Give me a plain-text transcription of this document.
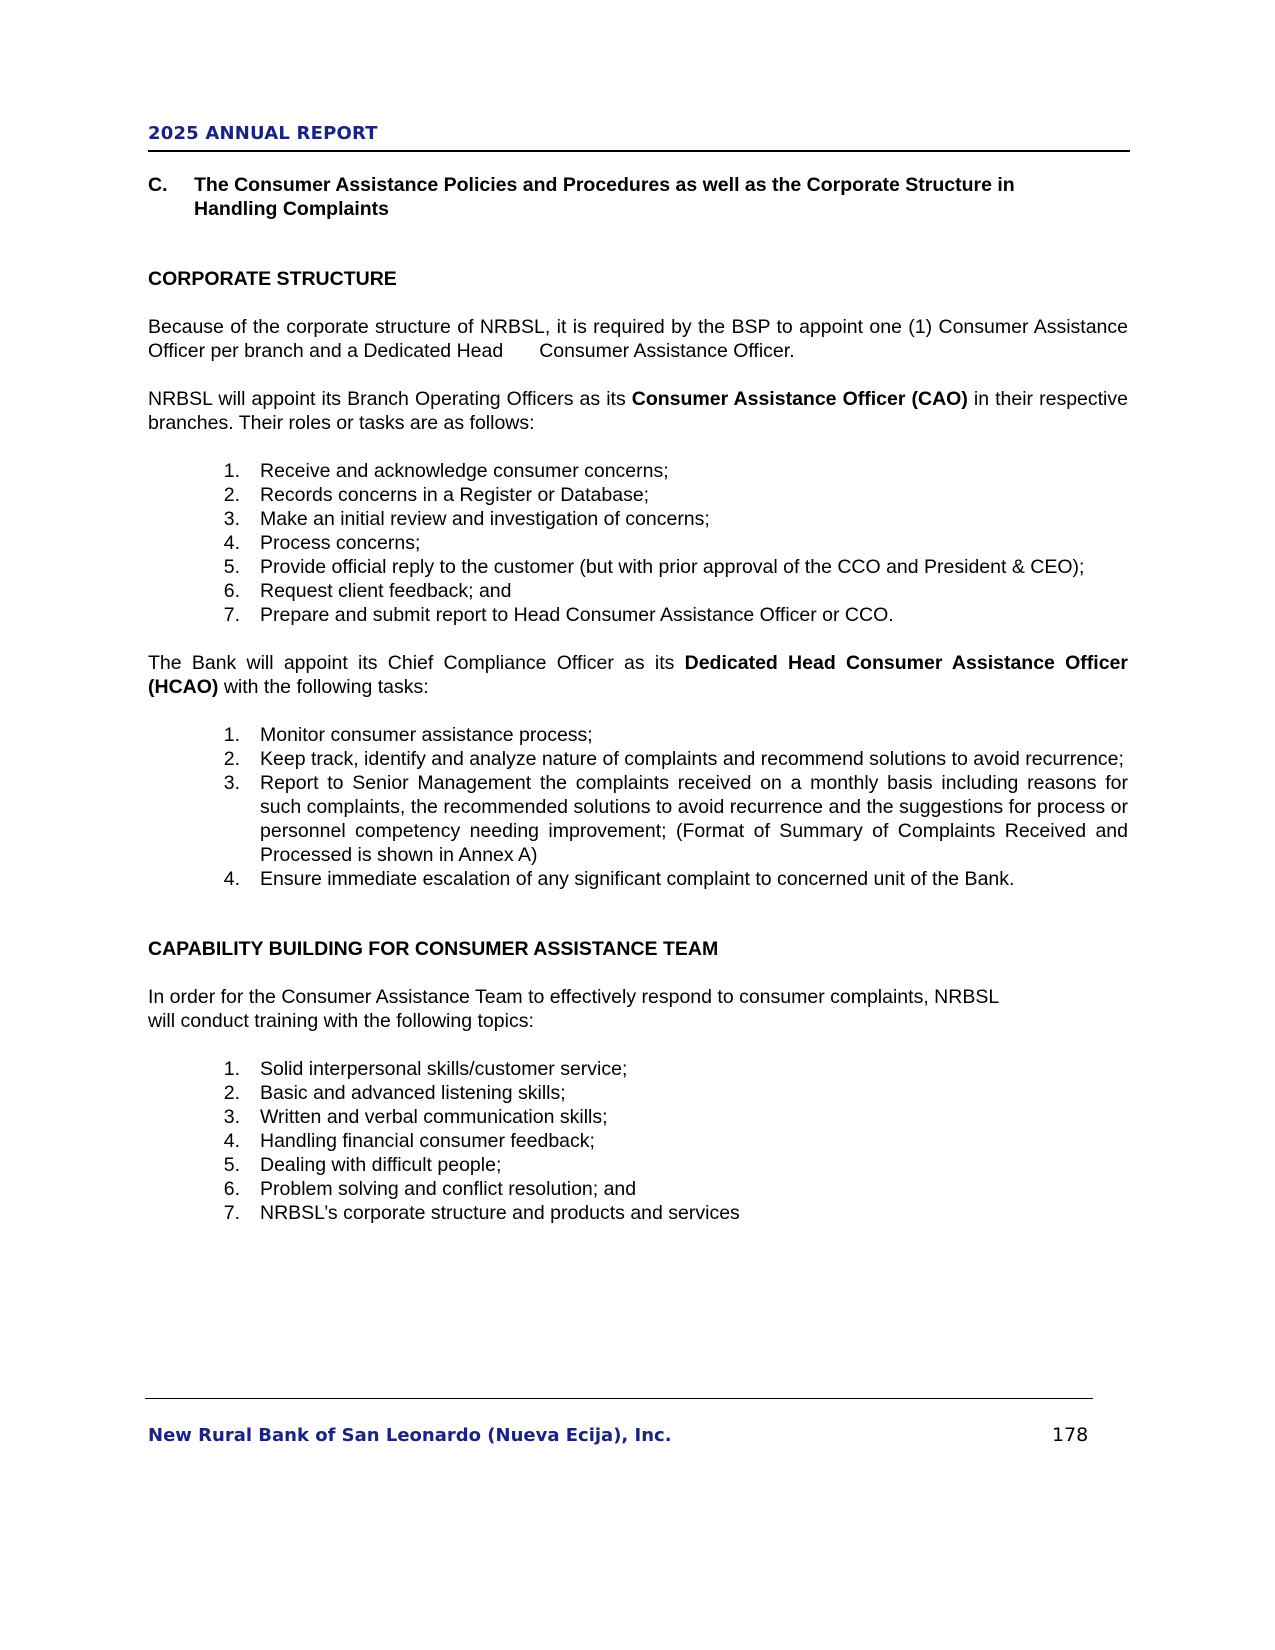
2025 ANNUAL REPORT
C.	The Consumer Assistance Policies and Procedures as well as the Corporate Structure in
Handling Complaints
CORPORATE STRUCTURE

Because of the corporate structure of NRBSL, it is required by the BSP to appoint one (1) Consumer Assistance Officer per branch and a Dedicated Head Consumer Assistance Officer.

NRBSL will appoint its Branch Operating Officers as its Consumer Assistance Officer (CAO) in their respective branches. Their roles or tasks are as follows:

1.	Receive and acknowledge consumer concerns;
2.	Records concerns in a Register or Database;
3.	Make an initial review and investigation of concerns;
4.	Process concerns;
5.	Provide official reply to the customer (but with prior approval of the CCO and President & CEO);
6.	Request client feedback; and
7.	Prepare and submit report to Head Consumer Assistance Officer or CCO.

The Bank will appoint its Chief Compliance Officer as its Dedicated Head Consumer Assistance Officer (HCAO) with the following tasks:

1.	Monitor consumer assistance process;
2.	Keep track, identify and analyze nature of complaints and recommend solutions to avoid recurrence;
3.	Report to Senior Management the complaints received on a monthly basis including reasons for such complaints, the recommended solutions to avoid recurrence and the suggestions for process or personnel competency needing improvement; (Format of Summary of Complaints Received and Processed is shown in Annex A)
4.	Ensure immediate escalation of any significant complaint to concerned unit of the Bank.
CAPABILITY BUILDING FOR CONSUMER ASSISTANCE TEAM

In order for the Consumer Assistance Team to effectively respond to consumer complaints, NRBSL
will conduct training with the following topics:

1.	Solid interpersonal skills/customer service;
2.	Basic and advanced listening skills;
3.	Written and verbal communication skills;
4.	Handling financial consumer feedback;
5.	Dealing with difficult people;
6.	Problem solving and conflict resolution; and
7.	NRBSL’s corporate structure and products and services
New Rural Bank of San Leonardo (Nueva Ecija), Inc.	178
